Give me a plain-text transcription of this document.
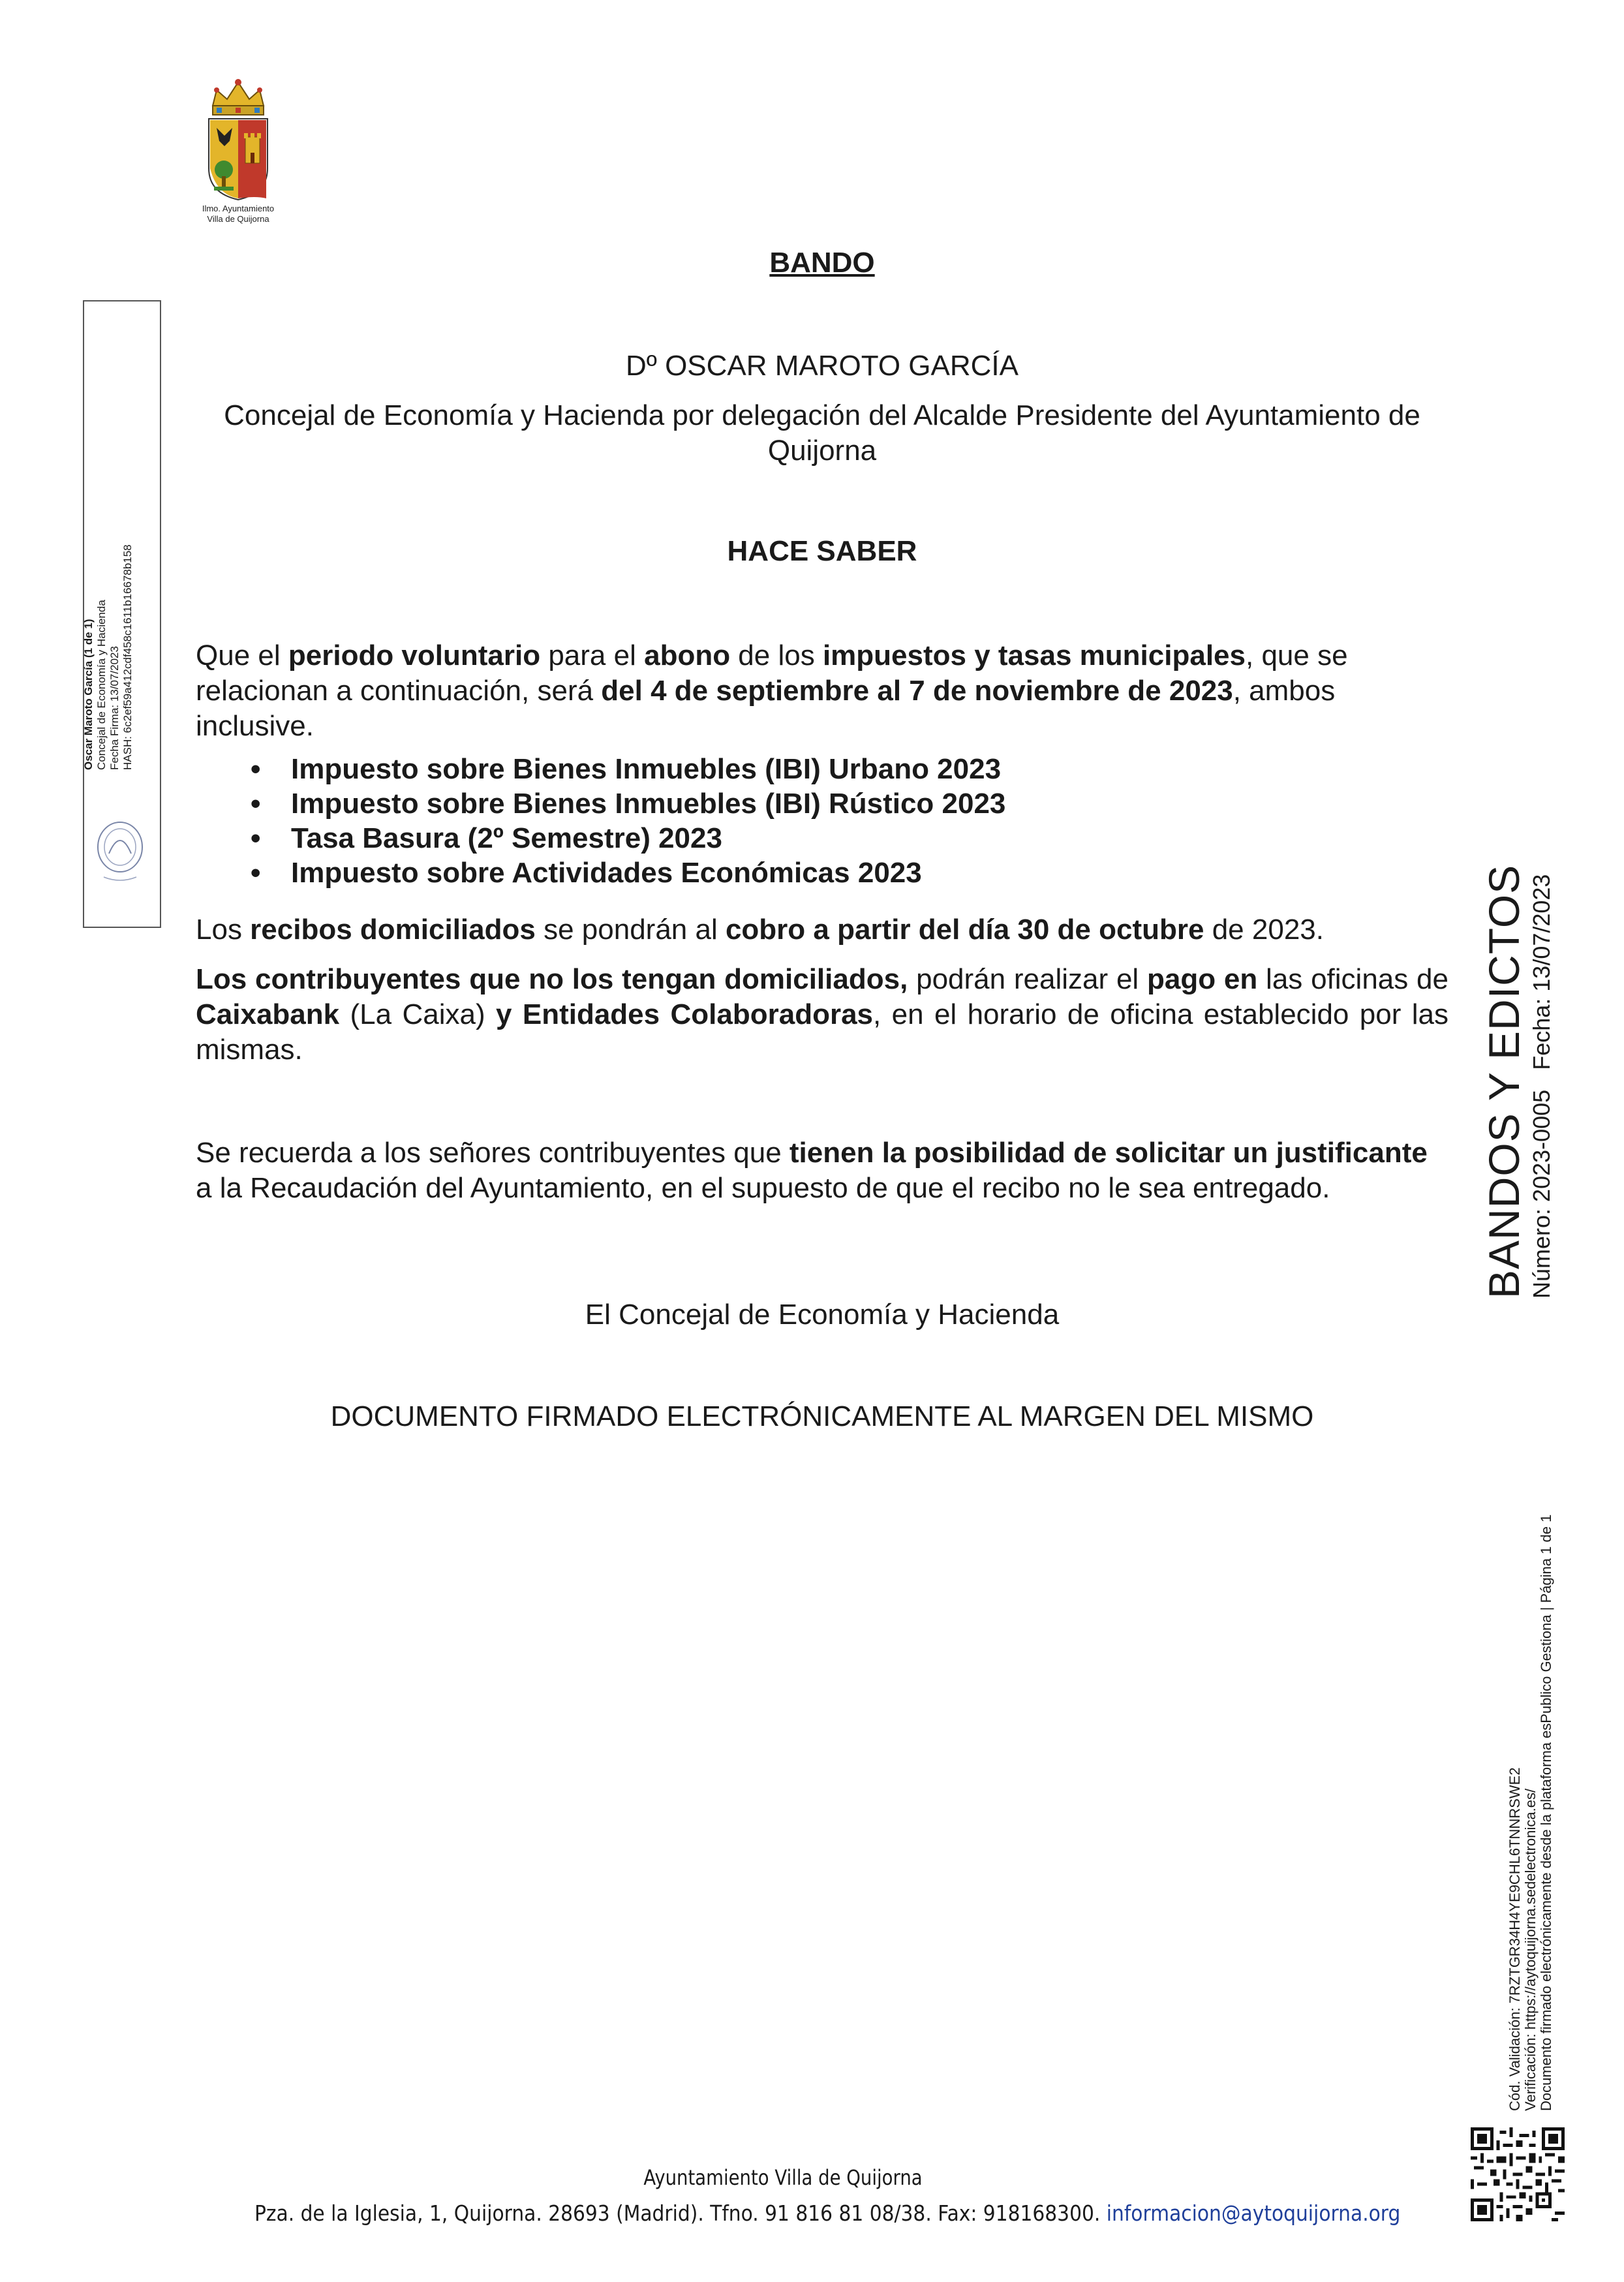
Ilmo. Ayuntamiento
Villa de Quijorna
Oscar Maroto García (1 de 1) Concejal de Economía y Hacienda Fecha Firma: 13/07/2023 HASH: 6c2ef59a412cdf458c1611b16678b158
BANDO
Dº OSCAR MAROTO GARCÍA
Concejal de Economía y Hacienda por delegación del Alcalde Presidente del Ayuntamiento de Quijorna
HACE SABER
Que el periodo voluntario para el abono de los impuestos y tasas municipales, que se relacionan a continuación, será del 4 de septiembre al 7 de noviembre de 2023, ambos inclusive.
• Impuesto sobre Bienes Inmuebles (IBI) Urbano 2023
• Impuesto sobre Bienes Inmuebles (IBI) Rústico 2023
• Tasa Basura (2º Semestre) 2023
• Impuesto sobre Actividades Económicas 2023
Los recibos domiciliados se pondrán al cobro a partir del día 30 de octubre de 2023.
Los contribuyentes que no los tengan domiciliados, podrán realizar el pago en las oficinas de Caixabank (La Caixa) y Entidades Colaboradoras, en el horario de oficina establecido por las mismas.
Se recuerda a los señores contribuyentes que tienen la posibilidad de solicitar un justificante a la Recaudación del Ayuntamiento, en el supuesto de que el recibo no le sea entregado.
El Concejal de Economía y Hacienda
DOCUMENTO FIRMADO ELECTRÓNICAMENTE AL MARGEN DEL MISMO
BANDOS Y EDICTOS Número: 2023-0005   Fecha: 13/07/2023
Cód. Validación: 7RZTGR34H4YE9CHL6TNNRSWE2 Verificación: https://aytoquijorna.sedelectronica.es/ Documento firmado electrónicamente desde la plataforma esPublico Gestiona | Página 1 de 1
Ayuntamiento Villa de Quijorna
Pza. de la Iglesia, 1, Quijorna. 28693 (Madrid). Tfno. 91 816 81 08/38. Fax: 918168300. informacion@aytoquijorna.org
